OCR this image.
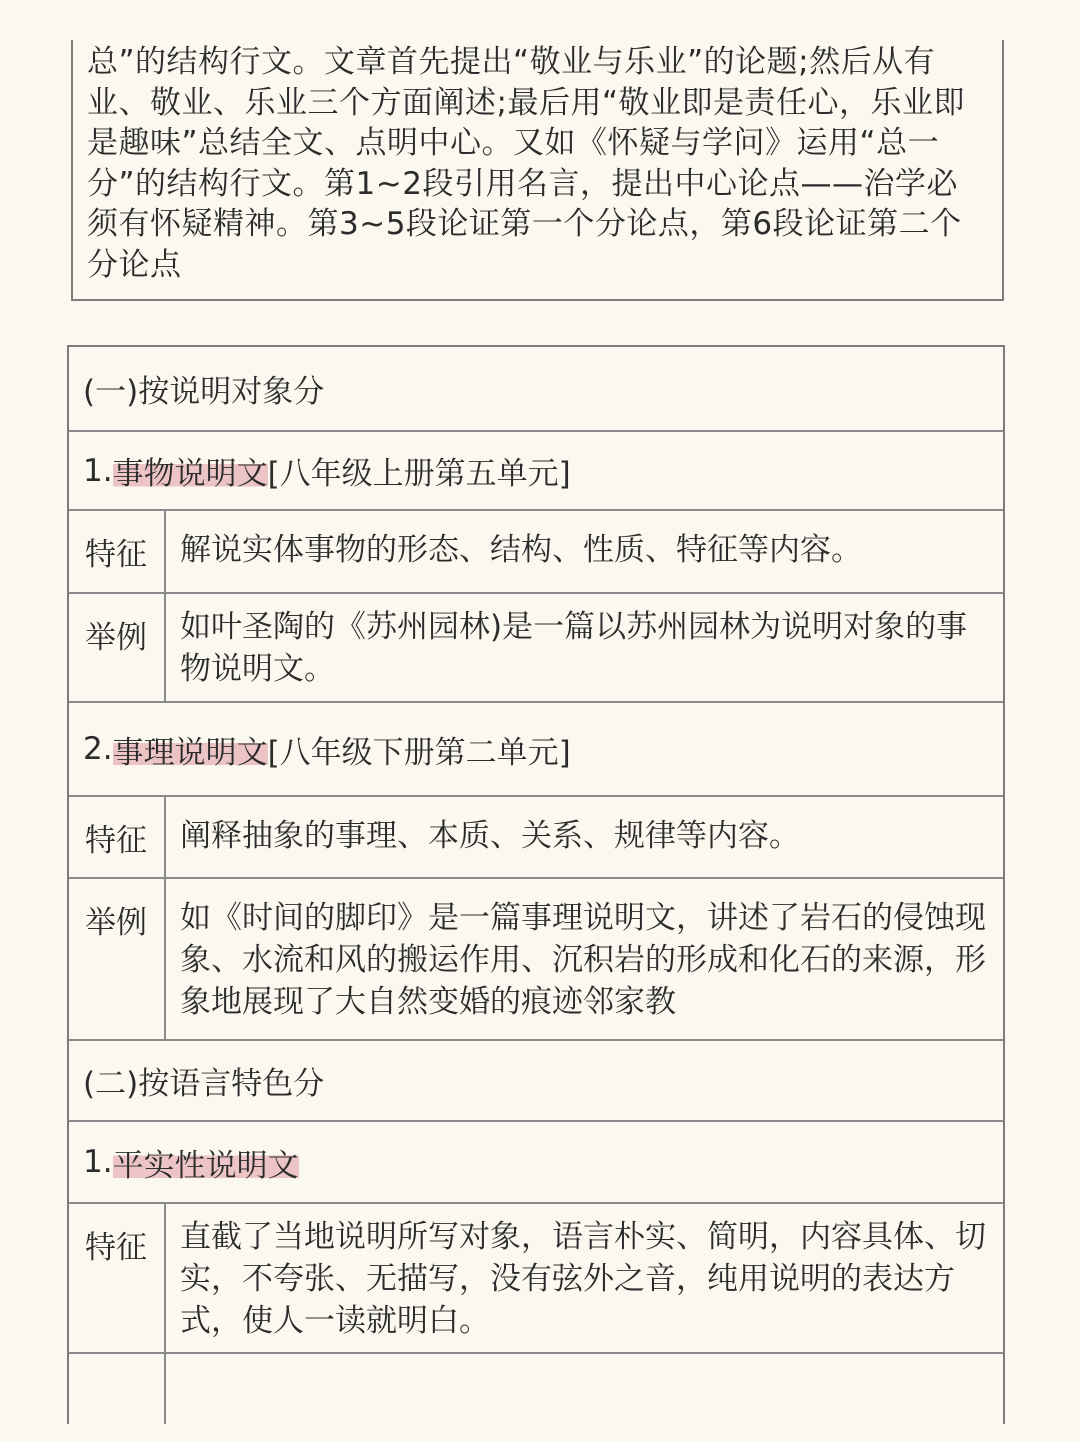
总”的结构行文。文章首先提出“敬业与乐业”的论题;然后从有业、敬业、乐业三个方面阐述;最后用“敬业即是责任心，乐业即是趣味”总结全文、点明中心。又如《怀疑与学问》运用“总一分”的结构行文。第1~2段引用名言，提出中心论点——治学必须有怀疑精神。第3~5段论证第一个分论点，第6段论证第二个分论点

(一)按说明对象分
1. 事物说明文 [八年级上册第五单元]
特征	解说实体事物的形态、结构、性质、特征等内容。
举例	如叶圣陶的《苏州园林)是一篇以苏州园林为说明对象的事物说明文。
2. 事理说明文 [八年级下册第二单元]
特征	阐释抽象的事理、本质、关系、规律等内容。
举例	如《时间的脚印》是一篇事理说明文，讲述了岩石的侵蚀现象、水流和风的搬运作用、沉积岩的形成和化石的来源，形象地展现了大自然变婚的痕迹邻家教
(二)按语言特色分
1. 平实性说明文
特征	直截了当地说明所写对象，语言朴实、简明，内容具体、切实，不夸张、无描写，没有弦外之音，纯用说明的表达方式，使人一读就明白。
